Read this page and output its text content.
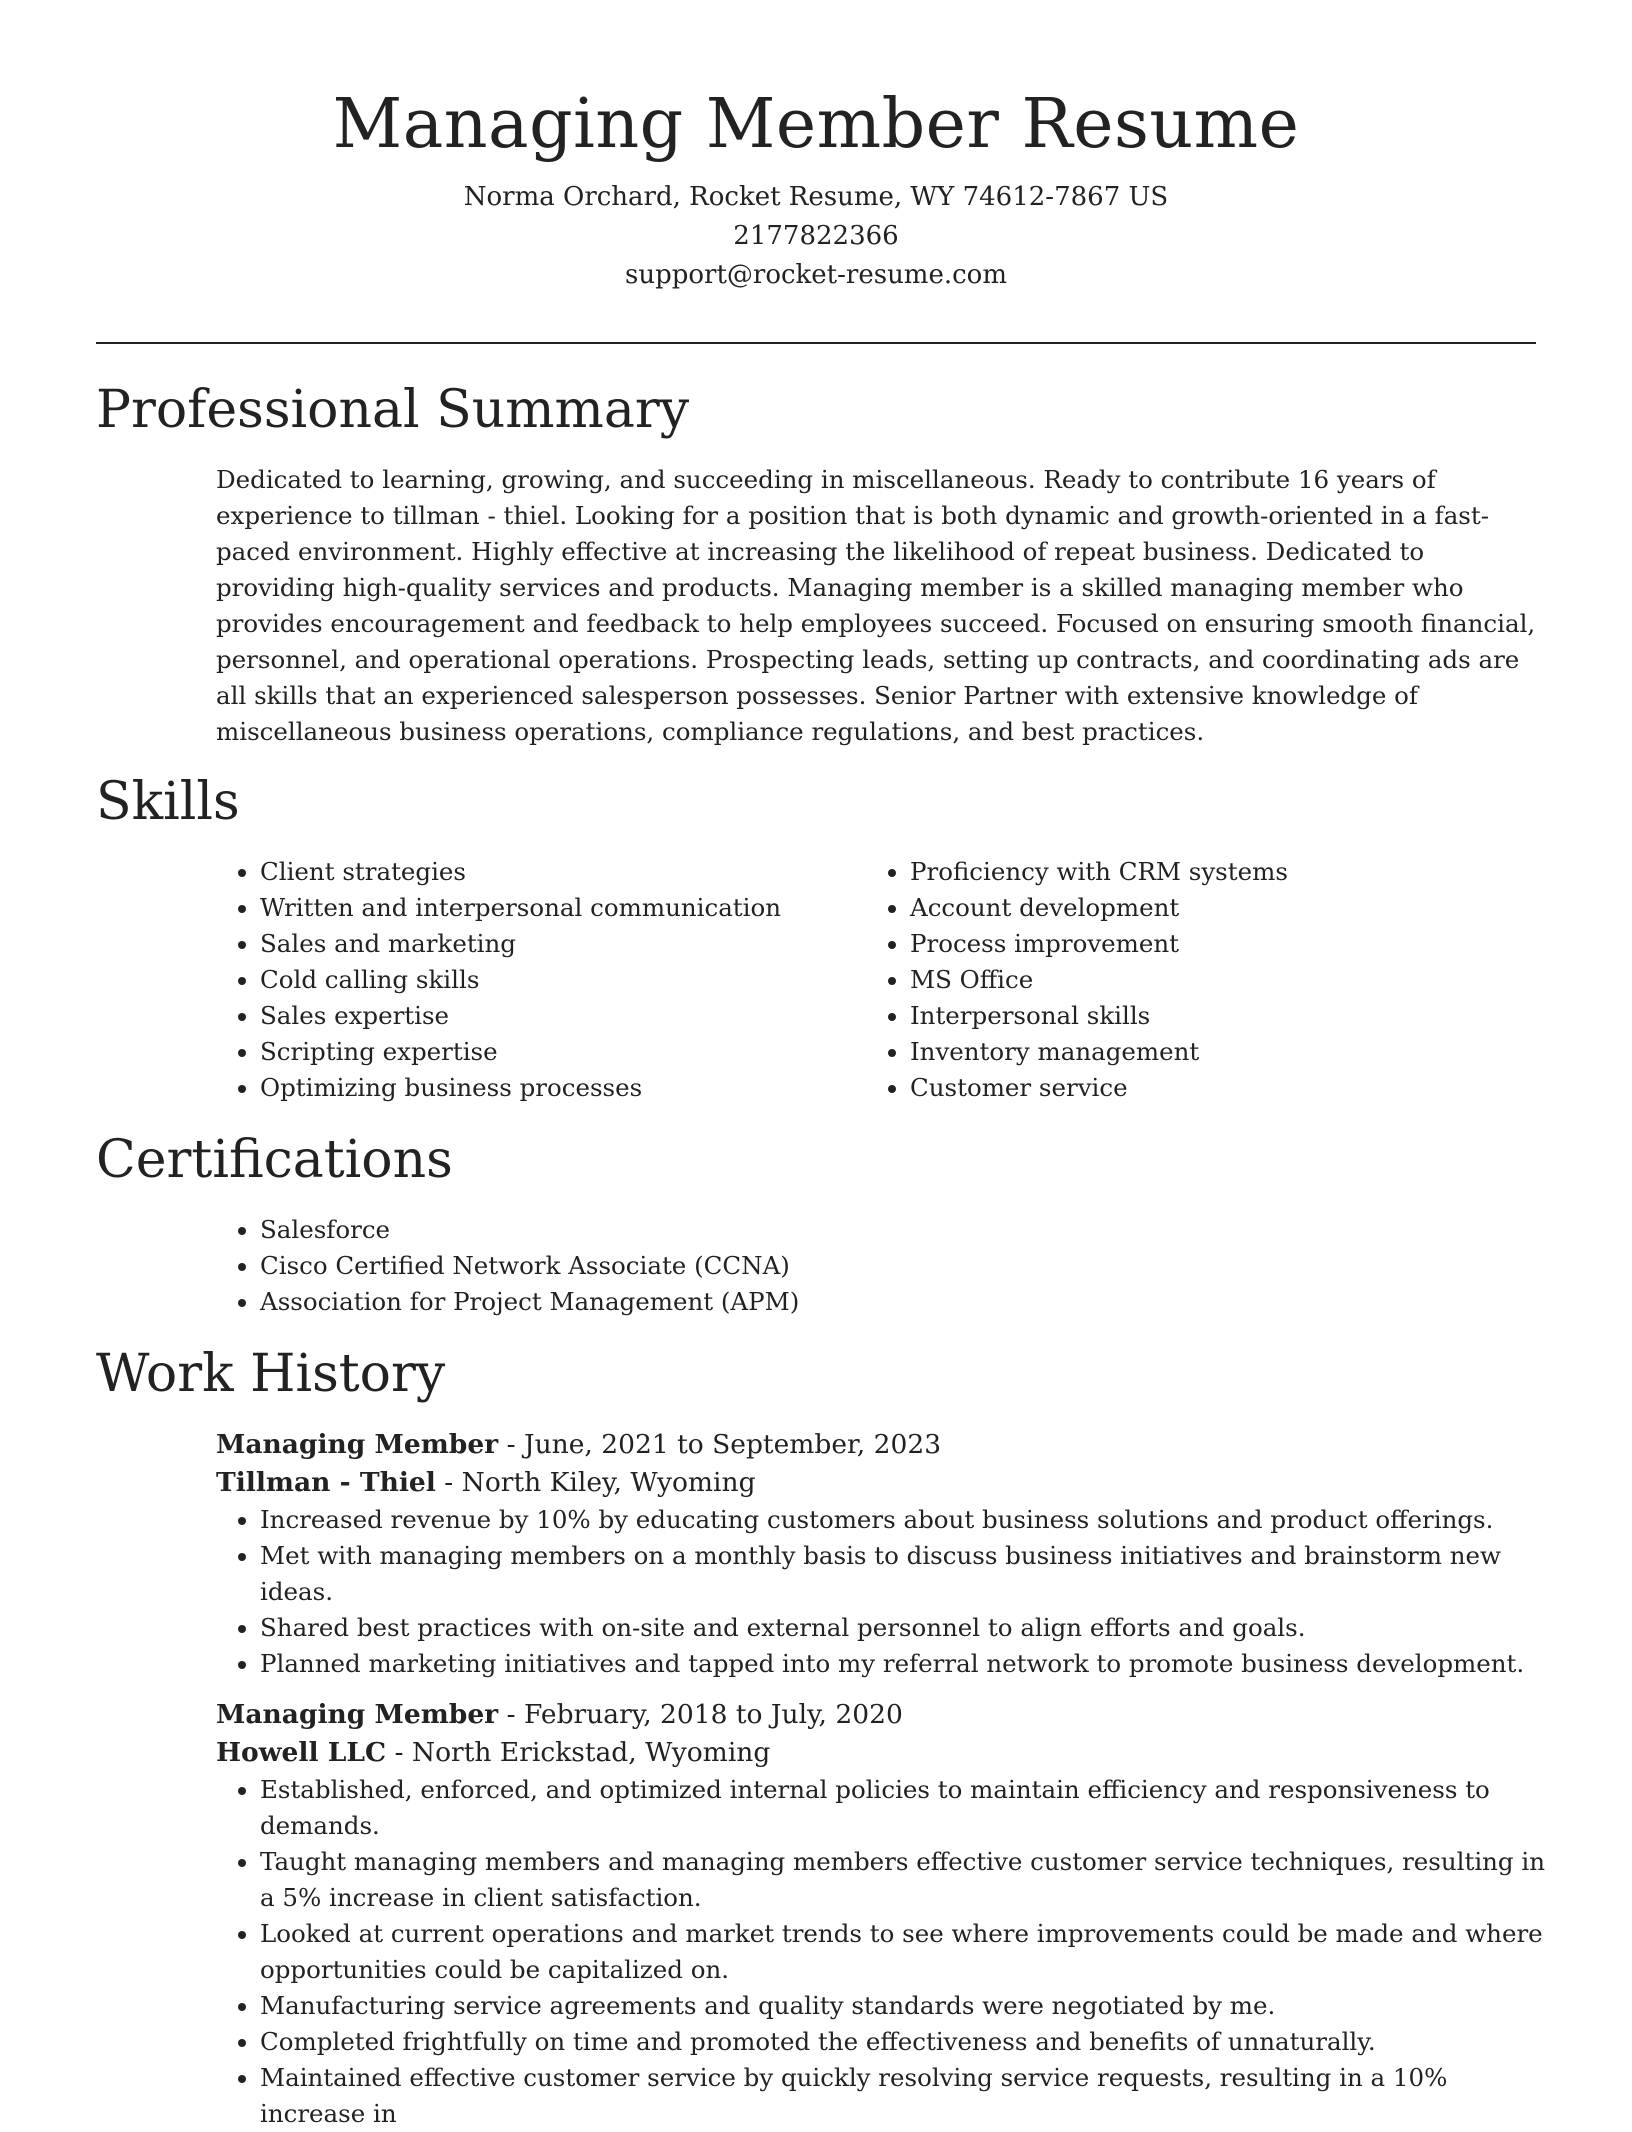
Managing Member Resume
Norma Orchard, Rocket Resume, WY 74612-7867 US
2177822366
support@rocket-resume.com
Professional Summary

Dedicated to learning, growing, and succeeding in miscellaneous. Ready to contribute 16 years of experience to tillman - thiel. Looking for a position that is both dynamic and growth-oriented in a fast-paced environment. Highly effective at increasing the likelihood of repeat business. Dedicated to providing high-quality services and products. Managing member is a skilled managing member who provides encouragement and feedback to help employees succeed. Focused on ensuring smooth financial, personnel, and operational operations. Prospecting leads, setting up contracts, and coordinating ads are all skills that an experienced salesperson possesses. Senior Partner with extensive knowledge of miscellaneous business operations, compliance regulations, and best practices.

Skills
• Client strategies
• Written and interpersonal communication
• Sales and marketing
• Cold calling skills
• Sales expertise
• Scripting expertise
• Optimizing business processes
• Proficiency with CRM systems
• Account development
• Process improvement
• MS Office
• Interpersonal skills
• Inventory management
• Customer service
Certifications
• Salesforce
• Cisco Certified Network Associate (CCNA)
• Association for Project Management (APM)
Work History
Managing Member - June, 2021 to September, 2023
Tillman - Thiel - North Kiley, Wyoming
• Increased revenue by 10% by educating customers about business solutions and product offerings.
• Met with managing members on a monthly basis to discuss business initiatives and brainstorm new ideas.
• Shared best practices with on-site and external personnel to align efforts and goals.
• Planned marketing initiatives and tapped into my referral network to promote business development.
Managing Member - February, 2018 to July, 2020
Howell LLC - North Erickstad, Wyoming
• Established, enforced, and optimized internal policies to maintain efficiency and responsiveness to demands.
• Taught managing members and managing members effective customer service techniques, resulting in a 5% increase in client satisfaction.
• Looked at current operations and market trends to see where improvements could be made and where opportunities could be capitalized on.
• Manufacturing service agreements and quality standards were negotiated by me.
• Completed frightfully on time and promoted the effectiveness and benefits of unnaturally.
• Maintained effective customer service by quickly resolving service requests, resulting in a 10% increase in
